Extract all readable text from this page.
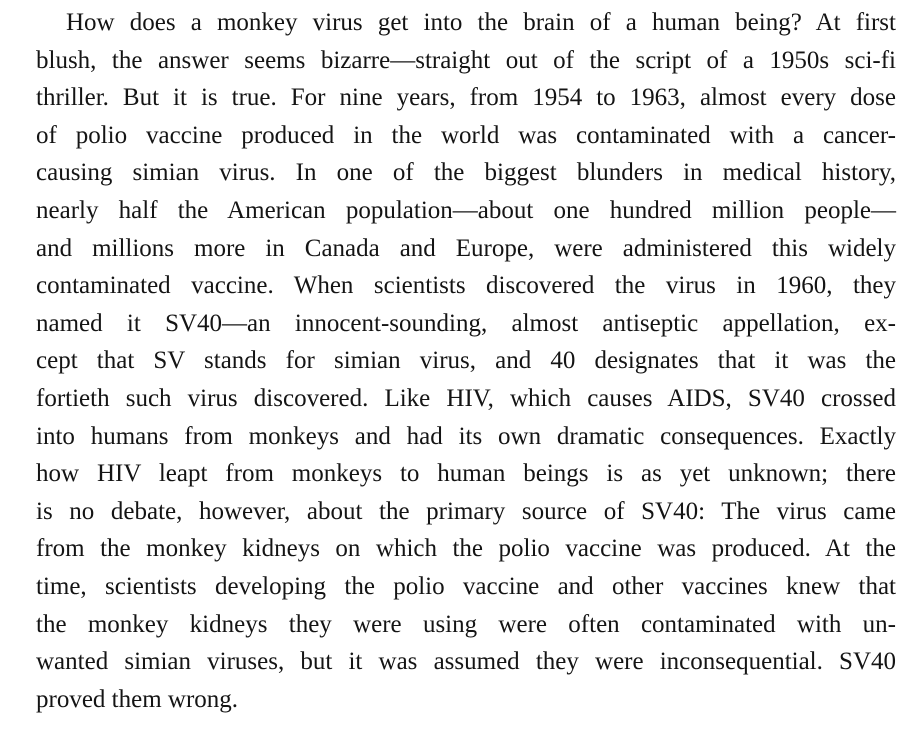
How does a monkey virus get into the brain of a human being? At first
blush, the answer seems bizarre—straight out of the script of a 1950s sci-fi
thriller. But it is true. For nine years, from 1954 to 1963, almost every dose
of polio vaccine produced in the world was contaminated with a cancer-
causing simian virus. In one of the biggest blunders in medical history,
nearly half the American population—about one hundred million people—
and millions more in Canada and Europe, were administered this widely
contaminated vaccine. When scientists discovered the virus in 1960, they
named it SV40—an innocent-sounding, almost antiseptic appellation, ex-
cept that SV stands for simian virus, and 40 designates that it was the
fortieth such virus discovered. Like HIV, which causes AIDS, SV40 crossed
into humans from monkeys and had its own dramatic consequences. Exactly
how HIV leapt from monkeys to human beings is as yet unknown; there
is no debate, however, about the primary source of SV40: The virus came
from the monkey kidneys on which the polio vaccine was produced. At the
time, scientists developing the polio vaccine and other vaccines knew that
the monkey kidneys they were using were often contaminated with un-
wanted simian viruses, but it was assumed they were inconsequential. SV40
proved them wrong.
